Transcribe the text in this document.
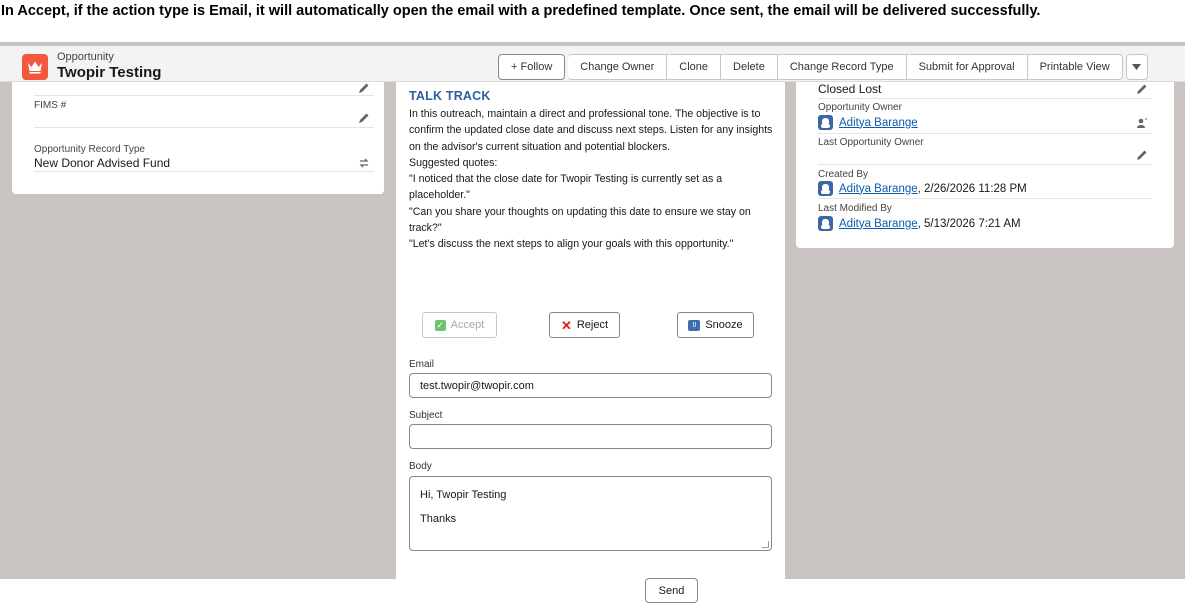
In Accept, if the action type is Email, it will automatically open the email with a predefined template. Once sent, the email will be delivered successfully.
Opportunity
Twopir Testing	+ Follow	Change Owner	Clone	Delete	Change Record Type	Submit for Approval	Printable View
FIMS #
Opportunity Record Type
New Donor Advised Fund
TALK TRACK
In this outreach, maintain a direct and professional tone. The objective is to confirm the updated close date and discuss next steps. Listen for any insights on the advisor's current situation and potential blockers.
Suggested quotes:
"I noticed that the close date for Twopir Testing is currently set as a placeholder."
"Can you share your thoughts on updating this date to ensure we stay on track?"
"Let's discuss the next steps to align your goals with this opportunity."
✓ Accept	✕ Reject	II Snooze
Email
test.twopir@twopir.com
Subject
Body
Hi, Twopir Testing
Thanks
Send
Closed Lost
Opportunity Owner
Aditya Barange
Last Opportunity Owner
Created By
Aditya Barange, 2/26/2026 11:28 PM
Last Modified By
Aditya Barange, 5/13/2026 7:21 AM
